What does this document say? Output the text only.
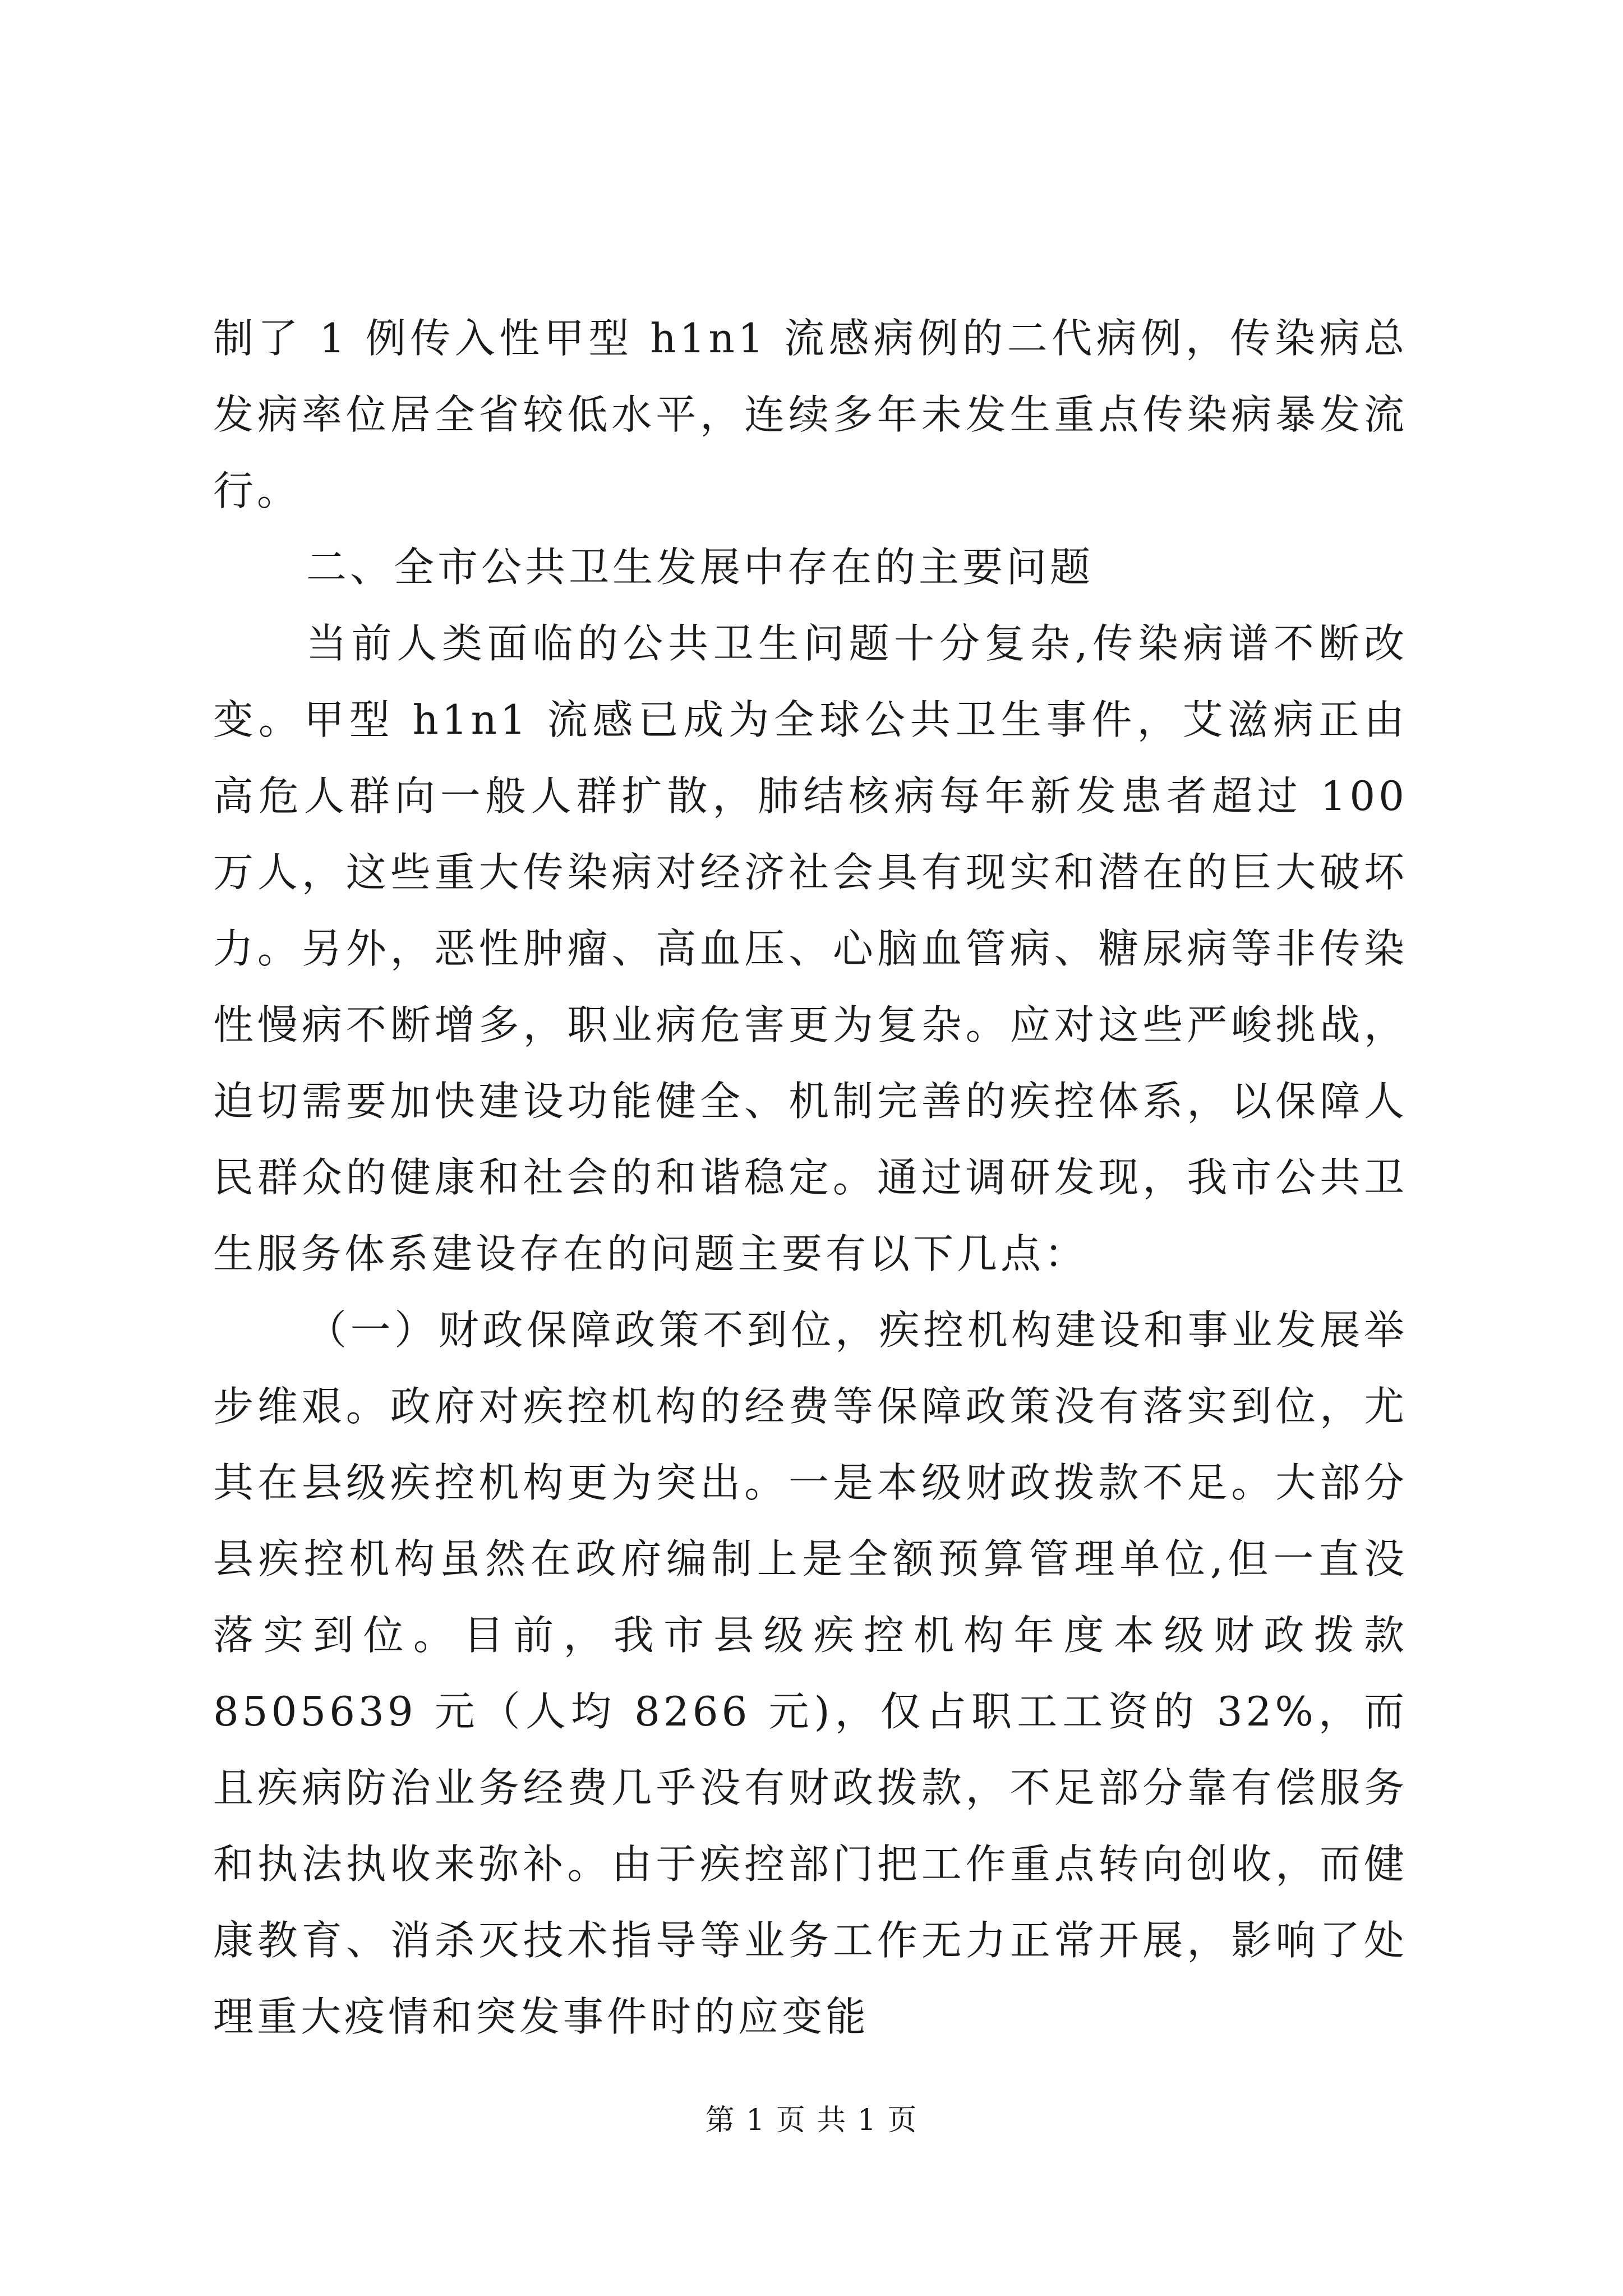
制了 1 例传入性甲型 h1n1 流感病例的二代病例，传染病总发病率位居全省较低水平，连续多年未发生重点传染病暴发流行。

二、全市公共卫生发展中存在的主要问题

当前人类面临的公共卫生问题十分复杂,传染病谱不断改变。甲型 h1n1 流感已成为全球公共卫生事件，艾滋病正由高危人群向一般人群扩散，肺结核病每年新发患者超过 100 万人，这些重大传染病对经济社会具有现实和潜在的巨大破坏力。另外，恶性肿瘤、高血压、心脑血管病、糖尿病等非传染性慢病不断增多，职业病危害更为复杂。应对这些严峻挑战，迫切需要加快建设功能健全、机制完善的疾控体系，以保障人民群众的健康和社会的和谐稳定。通过调研发现，我市公共卫生服务体系建设存在的问题主要有以下几点：

（一）财政保障政策不到位，疾控机构建设和事业发展举步维艰。政府对疾控机构的经费等保障政策没有落实到位，尤其在县级疾控机构更为突出。一是本级财政拨款不足。大部分县疾控机构虽然在政府编制上是全额预算管理单位,但一直没落实到位。目前，我市县级疾控机构年度本级财政拨款 8505639 元（人均 8266 元)，仅占职工工资的 32%，而且疾病防治业务经费几乎没有财政拨款，不足部分靠有偿服务和执法执收来弥补。由于疾控部门把工作重点转向创收，而健康教育、消杀灭技术指导等业务工作无力正常开展，影响了处理重大疫情和突发事件时的应变能

第 1 页 共 1 页
